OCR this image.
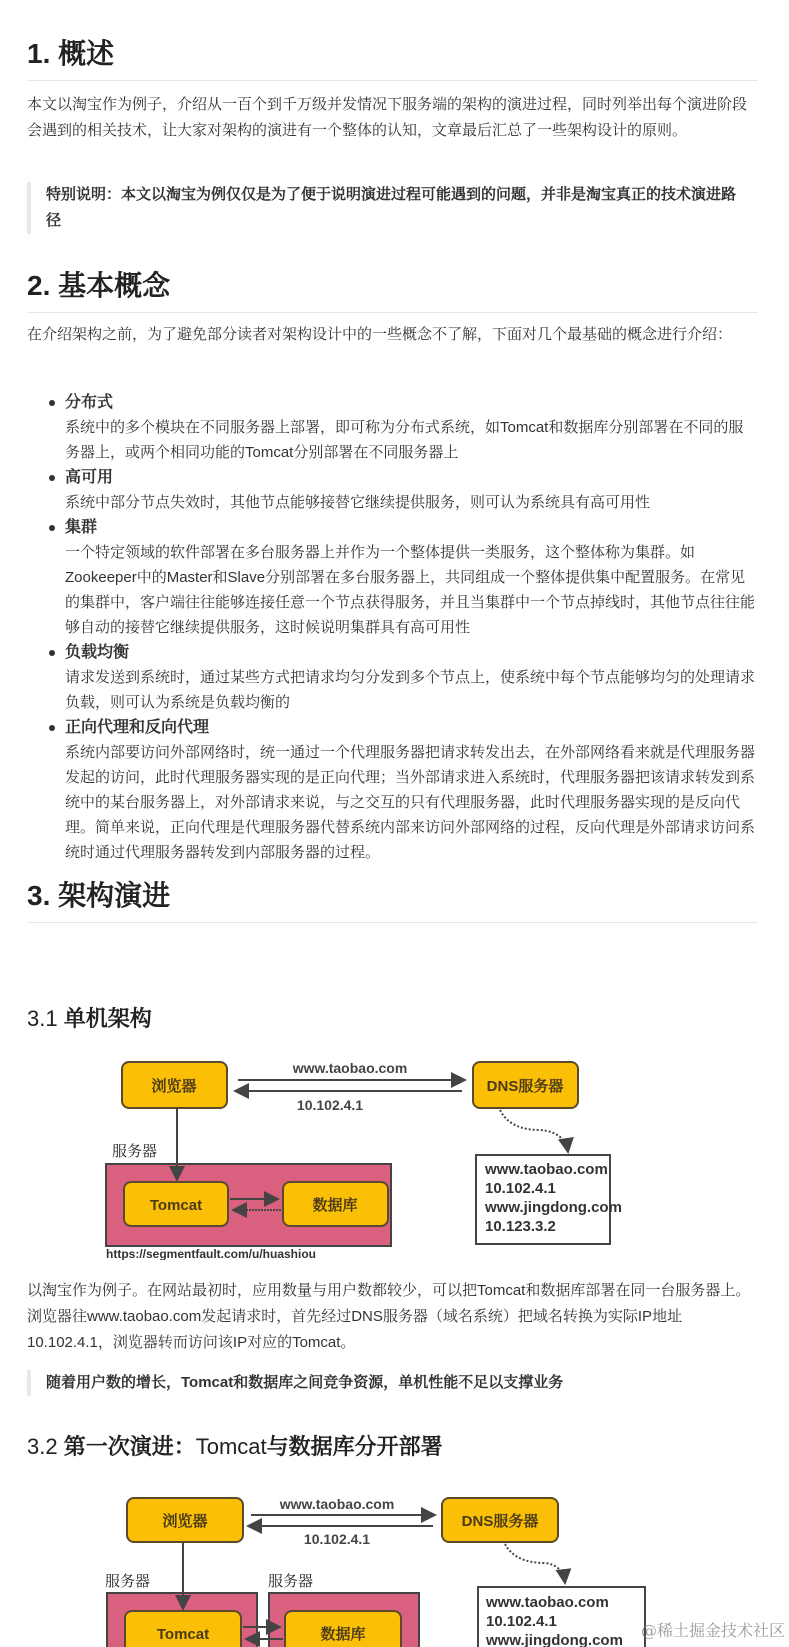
1. 概述

本文以淘宝作为例子，介绍从一百个到千万级并发情况下服务端的架构的演进过程，同时列举出每个演进阶段会遇到的相关技术，让大家对架构的演进有一个整体的认知，文章最后汇总了一些架构设计的原则。

特别说明：本文以淘宝为例仅仅是为了便于说明演进过程可能遇到的问题，并非是淘宝真正的技术演进路径
2. 基本概念

在介绍架构之前，为了避免部分读者对架构设计中的一些概念不了解，下面对几个最基础的概念进行介绍：

分布式
系统中的多个模块在不同服务器上部署，即可称为分布式系统，如Tomcat和数据库分别部署在不同的服务器上，或两个相同功能的Tomcat分别部署在不同服务器上
高可用
系统中部分节点失效时，其他节点能够接替它继续提供服务，则可认为系统具有高可用性
集群
一个特定领域的软件部署在多台服务器上并作为一个整体提供一类服务，这个整体称为集群。如Zookeeper中的Master和Slave分别部署在多台服务器上，共同组成一个整体提供集中配置服务。在常见的集群中，客户端往往能够连接任意一个节点获得服务，并且当集群中一个节点掉线时，其他节点往往能够自动的接替它继续提供服务，这时候说明集群具有高可用性
负载均衡
请求发送到系统时，通过某些方式把请求均匀分发到多个节点上，使系统中每个节点能够均匀的处理请求负载，则可认为系统是负载均衡的
正向代理和反向代理
系统内部要访问外部网络时，统一通过一个代理服务器把请求转发出去，在外部网络看来就是代理服务器发起的访问，此时代理服务器实现的是正向代理；当外部请求进入系统时，代理服务器把该请求转发到系统中的某台服务器上，对外部请求来说，与之交互的只有代理服务器，此时代理服务器实现的是反向代理。简单来说，正向代理是代理服务器代替系统内部来访问外部网络的过程，反向代理是外部请求访问系统时通过代理服务器转发到内部服务器的过程。
3. 架构演进
3.1 单机架构

以淘宝作为例子。在网站最初时，应用数量与用户数都较少，可以把Tomcat和数据库部署在同一台服务器上。浏览器往www.taobao.com发起请求时，首先经过DNS服务器（域名系统）把域名转换为实际IP地址10.102.4.1，浏览器转而访问该IP对应的Tomcat。

随着用户数的增长，Tomcat和数据库之间竞争资源，单机性能不足以支撑业务
3.2 第一次演进：Tomcat与数据库分开部署
浏览器	DNS服务器
www.taobao.com
10.102.4.1
服务器
Tomcat	数据库
www.taobao.com
10.102.4.1
www.jingdong.com
10.123.3.2
https://segmentfault.com/u/huashiou
浏览器	DNS服务器
www.taobao.com
10.102.4.1
服务器	服务器
Tomcat	数据库
www.taobao.com
10.102.4.1
www.jingdong.com
@稀土掘金技术社区
